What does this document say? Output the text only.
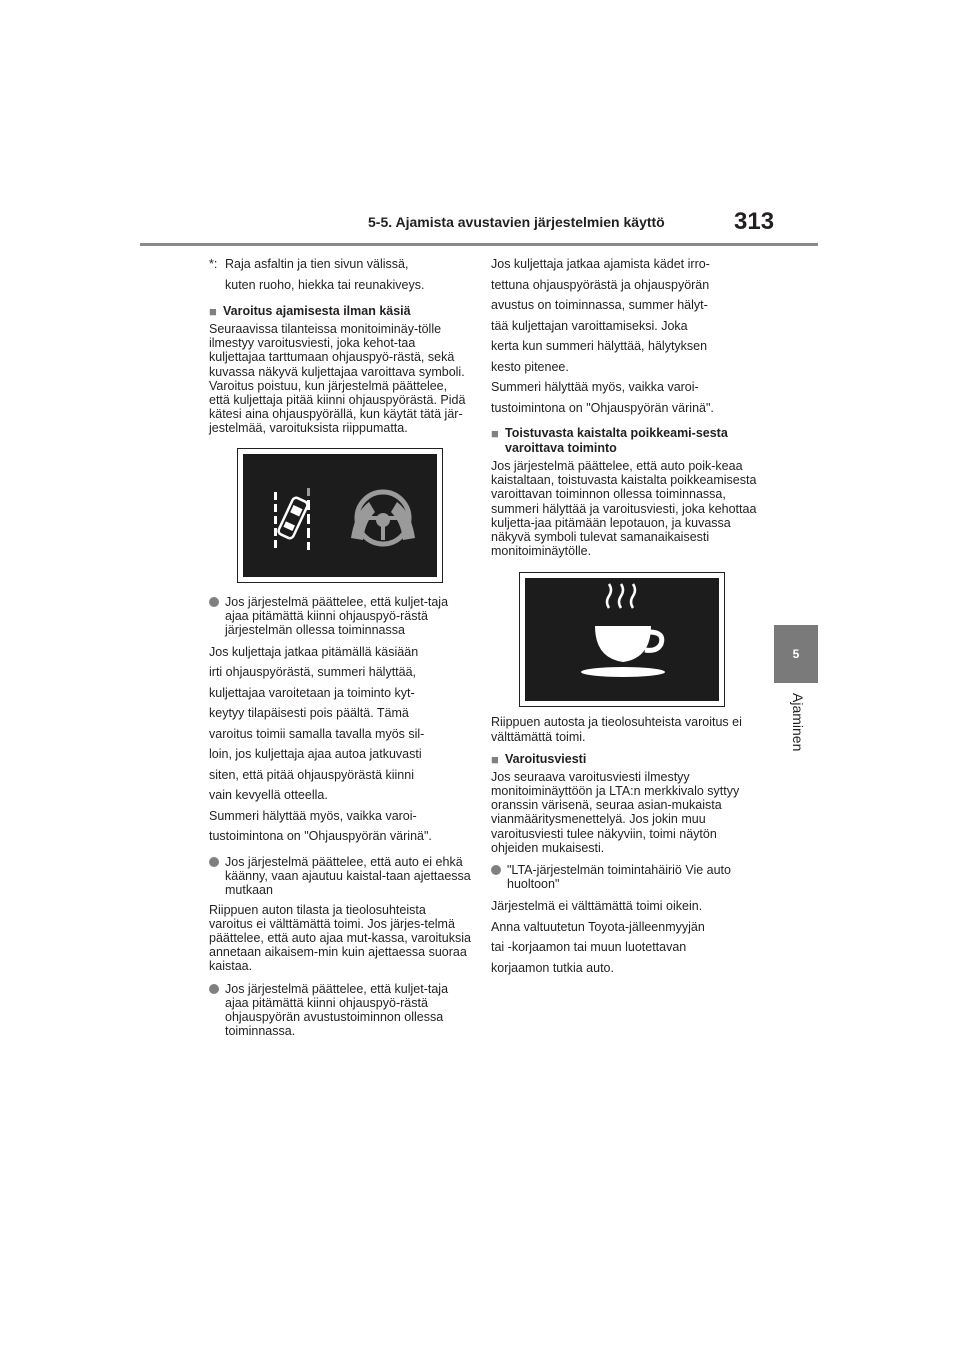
5-5. Ajamista avustavien järjestelmien käyttö	313
5
Ajaminen
*: Raja asfaltin ja tien sivun välissä,
kuten ruoho, hiekka tai reunakiveys.
■ Varoitus ajamisesta ilman käsiä

Seuraavissa tilanteissa monitoiminäy-tölle ilmestyy varoitusviesti, joka kehot-taa kuljettajaa tarttumaan ohjauspyö-rästä, sekä kuvassa näkyvä kuljettajaa varoittava symboli. Varoitus poistuu, kun järjestelmä päättelee, että kuljettaja pitää kiinni ohjauspyörästä. Pidä kätesi aina ohjauspyörällä, kun käytät tätä jär-jestelmää, varoituksista riippumatta.

Jos järjestelmä päättelee, että kuljet-taja ajaa pitämättä kiinni ohjauspyö-rästä järjestelmän ollessa toiminnassa
Jos kuljettaja jatkaa pitämällä käsiään
irti ohjauspyörästä, summeri hälyttää,
kuljettajaa varoitetaan ja toiminto kyt-
keytyy tilapäisesti pois päältä. Tämä
varoitus toimii samalla tavalla myös sil-
loin, jos kuljettaja ajaa autoa jatkuvasti
siten, että pitää ohjauspyörästä kiinni
vain kevyellä otteella.
Summeri hälyttää myös, vaikka varoi-
tustoimintona on "Ohjauspyörän värinä".
Jos järjestelmä päättelee, että auto ei ehkä käänny, vaan ajautuu kaistal-taan ajettaessa mutkaan

Riippuen auton tilasta ja tieolosuhteista varoitus ei välttämättä toimi. Jos järjes-telmä päättelee, että auto ajaa mut-kassa, varoituksia annetaan aikaisem-min kuin ajettaessa suoraa kaistaa.

Jos järjestelmä päättelee, että kuljet-taja ajaa pitämättä kiinni ohjauspyö-rästä ohjauspyörän avustustoiminnon ollessa toiminnassa.
Jos kuljettaja jatkaa ajamista kädet irro-
tettuna ohjauspyörästä ja ohjauspyörän
avustus on toiminnassa, summer hälyt-
tää kuljettajan varoittamiseksi. Joka
kerta kun summeri hälyttää, hälytyksen
kesto pitenee.
Summeri hälyttää myös, vaikka varoi-
tustoimintona on "Ohjauspyörän värinä".
■ Toistuvasta kaistalta poikkeami-sesta varoittava toiminto

Jos järjestelmä päättelee, että auto poik-keaa kaistaltaan, toistuvasta kaistalta poikkeamisesta varoittavan toiminnon ollessa toiminnassa, summeri hälyttää ja varoitusviesti, joka kehottaa kuljetta-jaa pitämään lepotauon, ja kuvassa näkyvä symboli tulevat samanaikaisesti monitoiminäytölle.

Riippuen autosta ja tieolosuhteista varoitus ei välttämättä toimi.

■ Varoitusviesti

Jos seuraava varoitusviesti ilmestyy monitoiminäyttöön ja LTA:n merkkivalo syttyy oranssin värisenä, seuraa asian-mukaista vianmääritysmenettelyä. Jos jokin muu varoitusviesti tulee näkyviin, toimi näytön ohjeiden mukaisesti.

"LTA-järjestelmän toimintahäiriö Vie auto huoltoon"
Järjestelmä ei välttämättä toimi oikein.
Anna valtuutetun Toyota-jälleenmyyjän
tai -korjaamon tai muun luotettavan
korjaamon tutkia auto.
